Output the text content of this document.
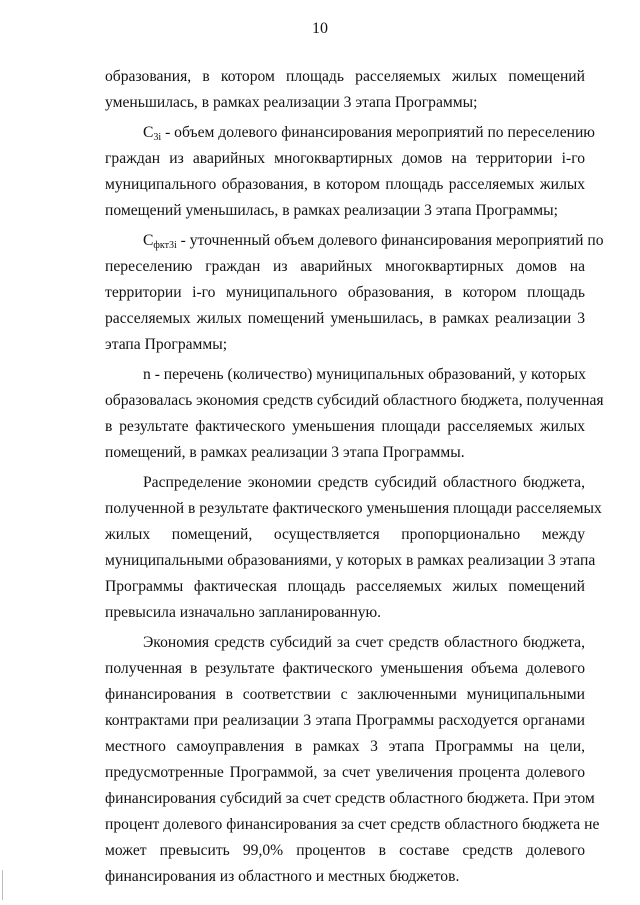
10
образования, в котором площадь расселяемых жилых помещений
уменьшилась, в рамках реализации 3 этапа Программы;
$С_{3i}$ - объем долевого финансирования мероприятий по переселению
граждан из аварийных многоквартирных домов на территории i-го
муниципального образования, в котором площадь расселяемых жилых
помещений уменьшилась, в рамках реализации 3 этапа Программы;
$С_{фкт3i}$ - уточненный объем долевого финансирования мероприятий по
переселению граждан из аварийных многоквартирных домов на
территории i-го муниципального образования, в котором площадь
расселяемых жилых помещений уменьшилась, в рамках реализации 3
этапа Программы;
n - перечень (количество) муниципальных образований, у которых
образовалась экономия средств субсидий областного бюджета, полученная
в результате фактического уменьшения площади расселяемых жилых
помещений, в рамках реализации 3 этапа Программы.
Распределение экономии средств субсидий областного бюджета,
полученной в результате фактического уменьшения площади расселяемых
жилых помещений, осуществляется пропорционально между
муниципальными образованиями, у которых в рамках реализации 3 этапа
Программы фактическая площадь расселяемых жилых помещений
превысила изначально запланированную.
Экономия средств субсидий за счет средств областного бюджета,
полученная в результате фактического уменьшения объема долевого
финансирования в соответствии с заключенными муниципальными
контрактами при реализации 3 этапа Программы расходуется органами
местного самоуправления в рамках 3 этапа Программы на цели,
предусмотренные Программой, за счет увеличения процента долевого
финансирования субсидий за счет средств областного бюджета. При этом
процент долевого финансирования за счет средств областного бюджета не
может превысить 99,0% процентов в составе средств долевого
финансирования из областного и местных бюджетов.
